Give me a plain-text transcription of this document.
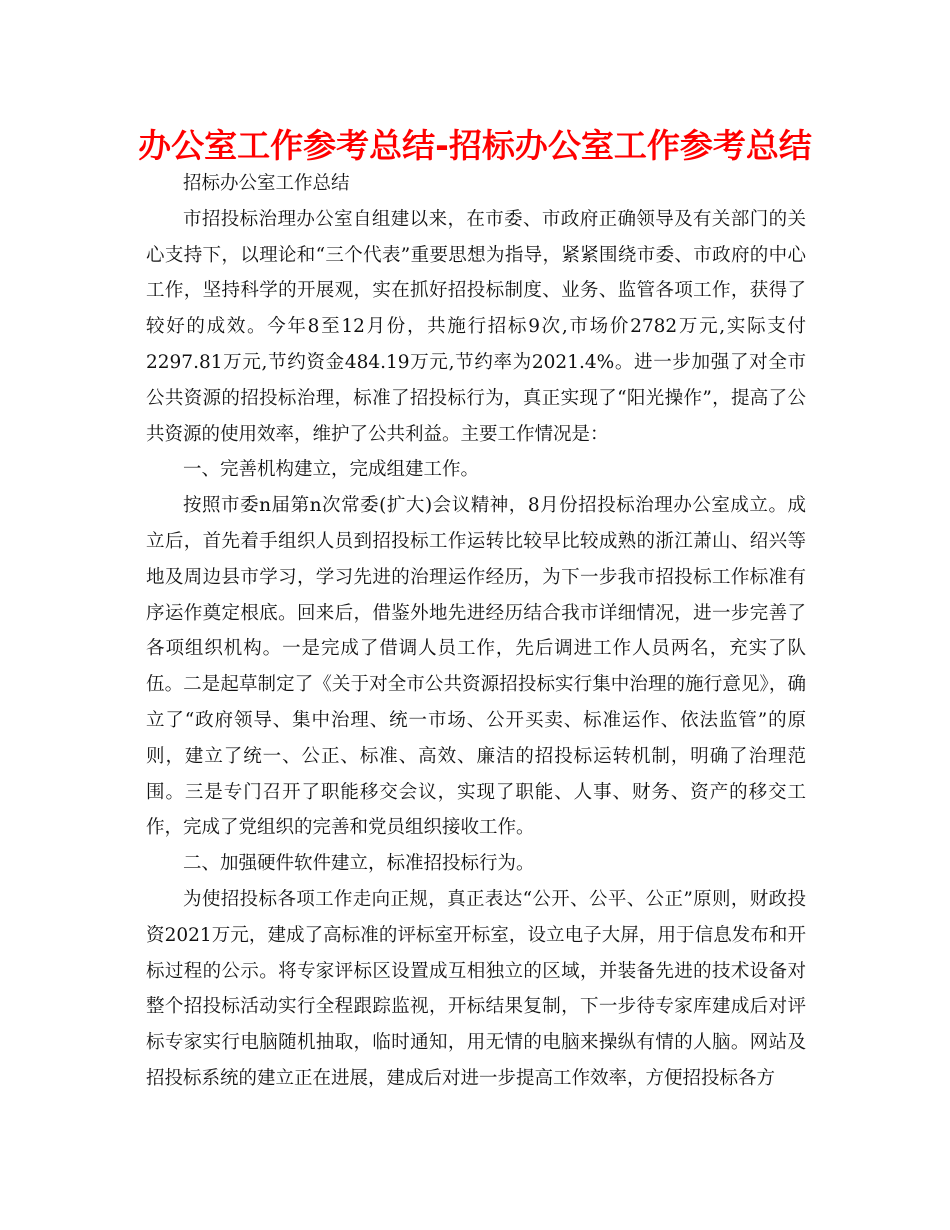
办公室工作参考总结-招标办公室工作参考总结

招标办公室工作总结

市招投标治理办公室自组建以来，在市委、市政府正确领导及有关部门的关心支持下，以理论和“三个代表”重要思想为指导，紧紧围绕市委、市政府的中心工作，坚持科学的开展观，实在抓好招投标制度、业务、监管各项工作，获得了较好的成效。今年8至12月份，共施行招标9次,市场价2782万元,实际支付2297.81万元,节约资金484.19万元,节约率为2021.4%。进一步加强了对全市公共资源的招投标治理，标准了招投标行为，真正实现了“阳光操作”，提高了公共资源的使用效率，维护了公共利益。主要工作情况是：

一、完善机构建立，完成组建工作。

按照市委n届第n次常委(扩大)会议精神，8月份招投标治理办公室成立。成立后，首先着手组织人员到招投标工作运转比较早比较成熟的浙江萧山、绍兴等地及周边县市学习，学习先进的治理运作经历，为下一步我市招投标工作标准有序运作奠定根底。回来后，借鉴外地先进经历结合我市详细情况，进一步完善了各项组织机构。一是完成了借调人员工作，先后调进工作人员两名，充实了队伍。二是起草制定了《关于对全市公共资源招投标实行集中治理的施行意见》，确立了“政府领导、集中治理、统一市场、公开买卖、标准运作、依法监管”的原则，建立了统一、公正、标准、高效、廉洁的招投标运转机制，明确了治理范围。三是专门召开了职能移交会议，实现了职能、人事、财务、资产的移交工作，完成了党组织的完善和党员组织接收工作。

二、加强硬件软件建立，标准招投标行为。

为使招投标各项工作走向正规，真正表达“公开、公平、公正”原则，财政投资2021万元，建成了高标准的评标室开标室，设立电子大屏，用于信息发布和开标过程的公示。将专家评标区设置成互相独立的区域，并装备先进的技术设备对整个招投标活动实行全程跟踪监视，开标结果复制，下一步待专家库建成后对评标专家实行电脑随机抽取，临时通知，用无情的电脑来操纵有情的人脑。网站及招投标系统的建立正在进展，建成后对进一步提高工作效率，方便招投标各方
